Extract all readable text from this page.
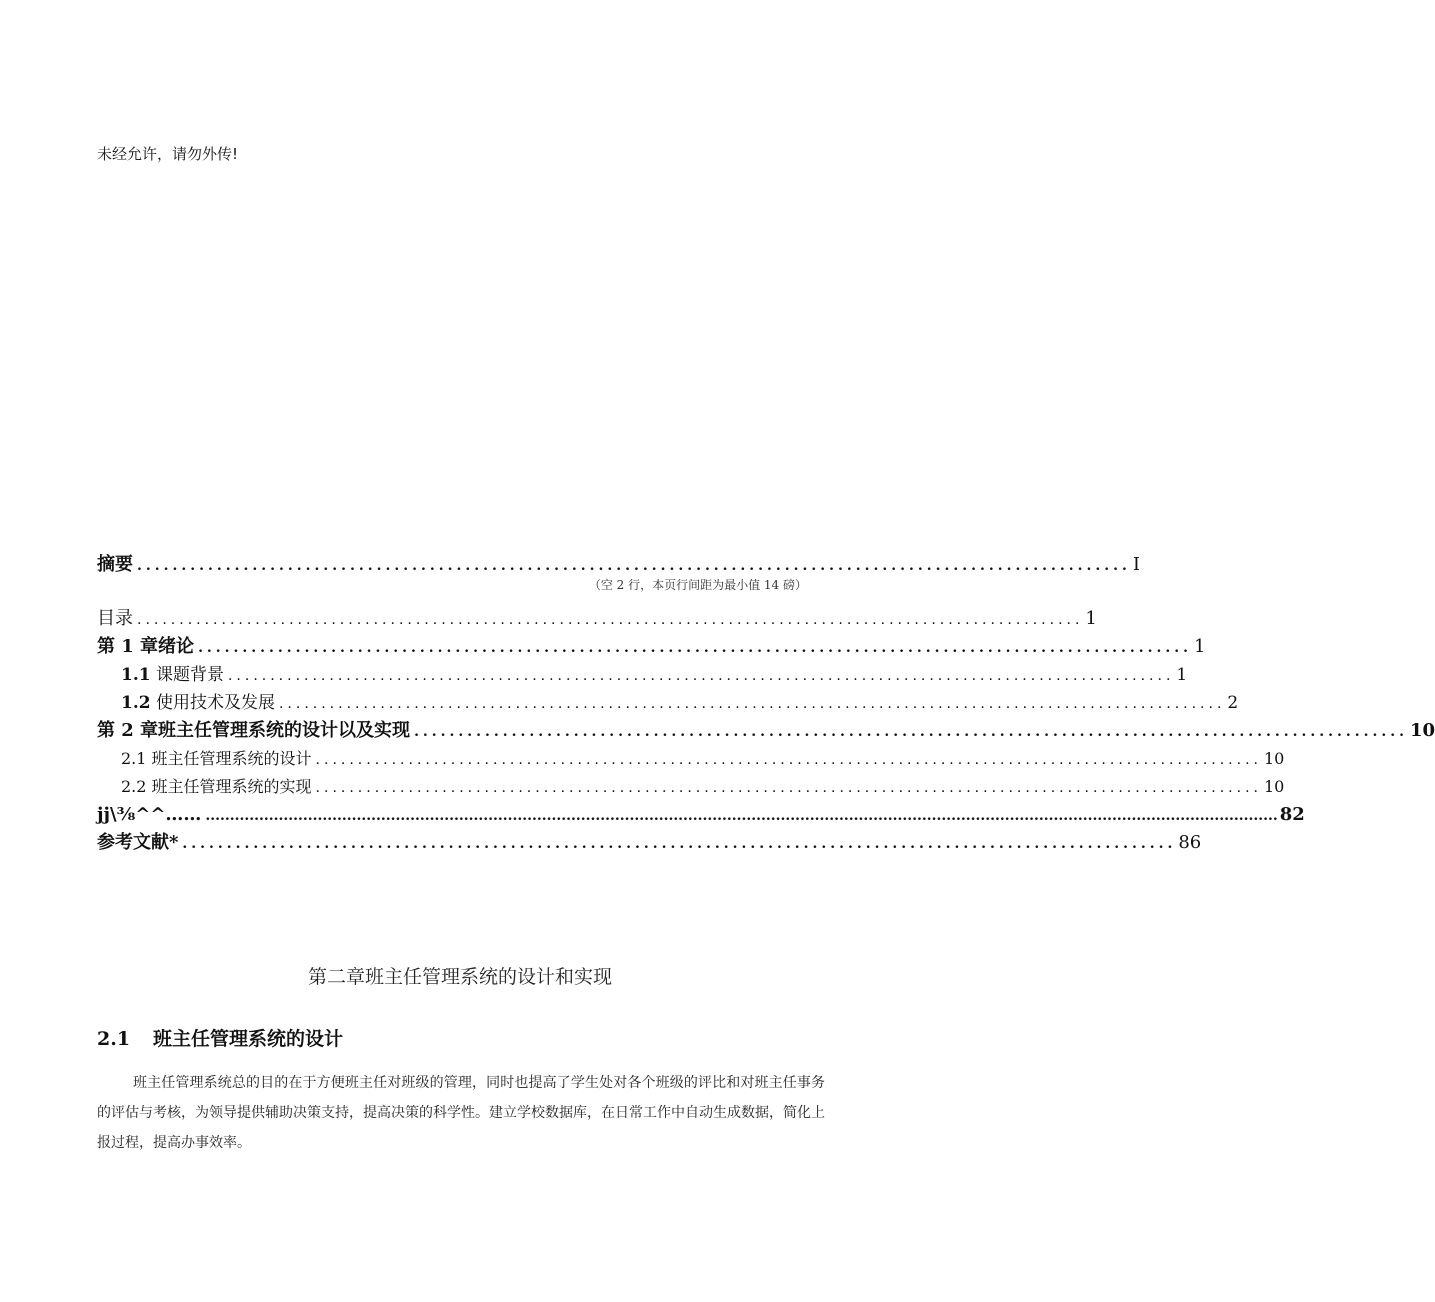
未经允许，请勿外传!
摘要 ................................................................................................................ I
（空 2 行，本页行间距为最小值 14 磅）
目录 ................................................................................................................ 1
第 1 章绪论 ................................................................................................................ 1
1.1 课题背景 ................................................................................................................ 1
1.2 使用技术及发展 ................................................................................................................ 2
第 2 章班主任管理系统的设计以及实现 ................................................................................................................ 10
2.1 班主任管理系统的设计 ................................................................................................................ 10
2.2 班主任管理系统的实现 ................................................................................................................ 10
jj\⅜^^…… ............................................................................................................................................................................................................................ 82
参考文献* ................................................................................................................ 86
第二章班主任管理系统的设计和实现
2.1 班主任管理系统的设计
班主任管理系统总的目的在于方便班主任对班级的管理，同时也提高了学生处对各个班级的评比和对班主任事务的评估与考核，为领导提供辅助决策支持，提高决策的科学性。建立学校数据库，在日常工作中自动生成数据，简化上报过程，提高办事效率。
